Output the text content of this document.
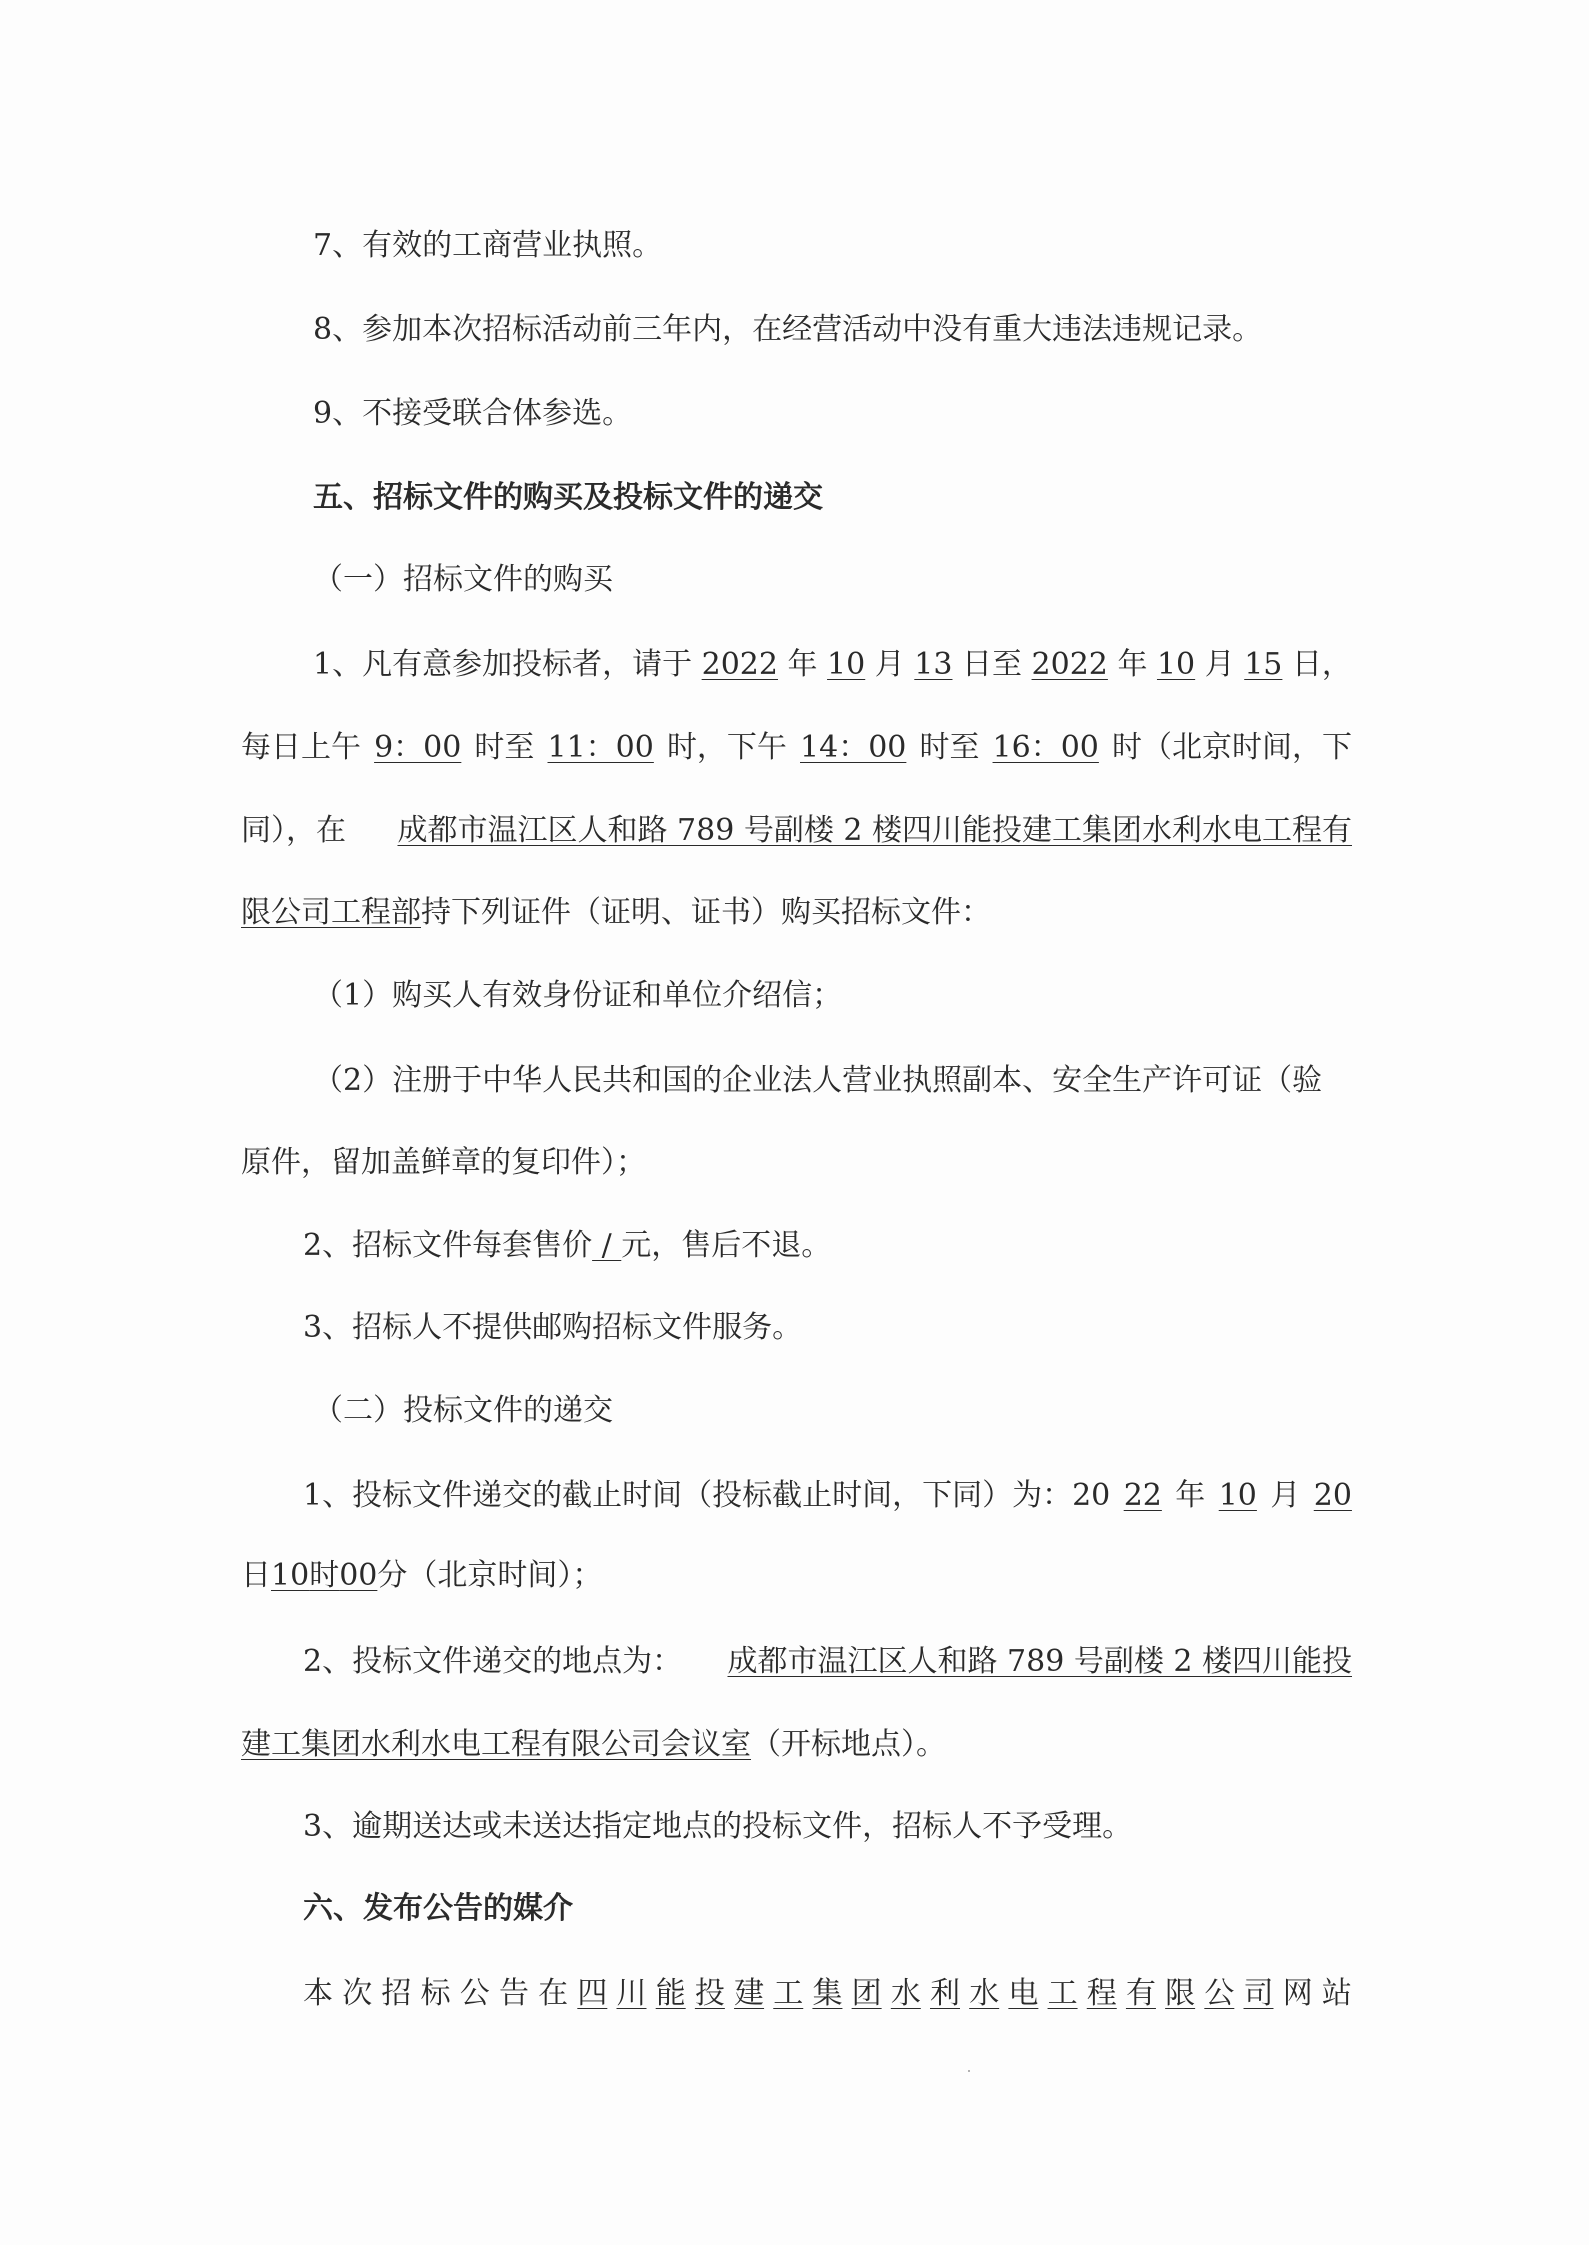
7、有效的工商营业执照。
8、参加本次招标活动前三年内，在经营活动中没有重大违法违规记录。
9、不接受联合体参选。
五、招标文件的购买及投标文件的递交
（一）招标文件的购买
1、凡有意参加投标者，请于 2022 年 10 月 13 日至 2022 年 10 月 15 日，
每日上午 9：00 时至 11：00 时，下午 14：00 时至 16：00 时（北京时间，下
同），在 成都市温江区人和路 789 号副楼 2 楼四川能投建工集团水利水电工程有
限公司工程部持下列证件（证明、证书）购买招标文件：
（1）购买人有效身份证和单位介绍信；
（2）注册于中华人民共和国的企业法人营业执照副本、安全生产许可证（验
原件，留加盖鲜章的复印件）；
2、招标文件每套售价 / 元，售后不退。
3、招标人不提供邮购招标文件服务。
（二）投标文件的递交
1、投标文件递交的截止时间（投标截止时间，下同）为：20 22 年 10 月 20
日10时00分（北京时间）；
2、投标文件递交的地点为： 成都市温江区人和路 789 号副楼 2 楼四川能投
建工集团水利水电工程有限公司会议室（开标地点）。
3、逾期送达或未送达指定地点的投标文件，招标人不予受理。
六、发布公告的媒介
本 次 招 标 公 告 在 四 川 能 投 建 工 集 团 水 利 水 电 工 程 有 限 公 司 网 站
